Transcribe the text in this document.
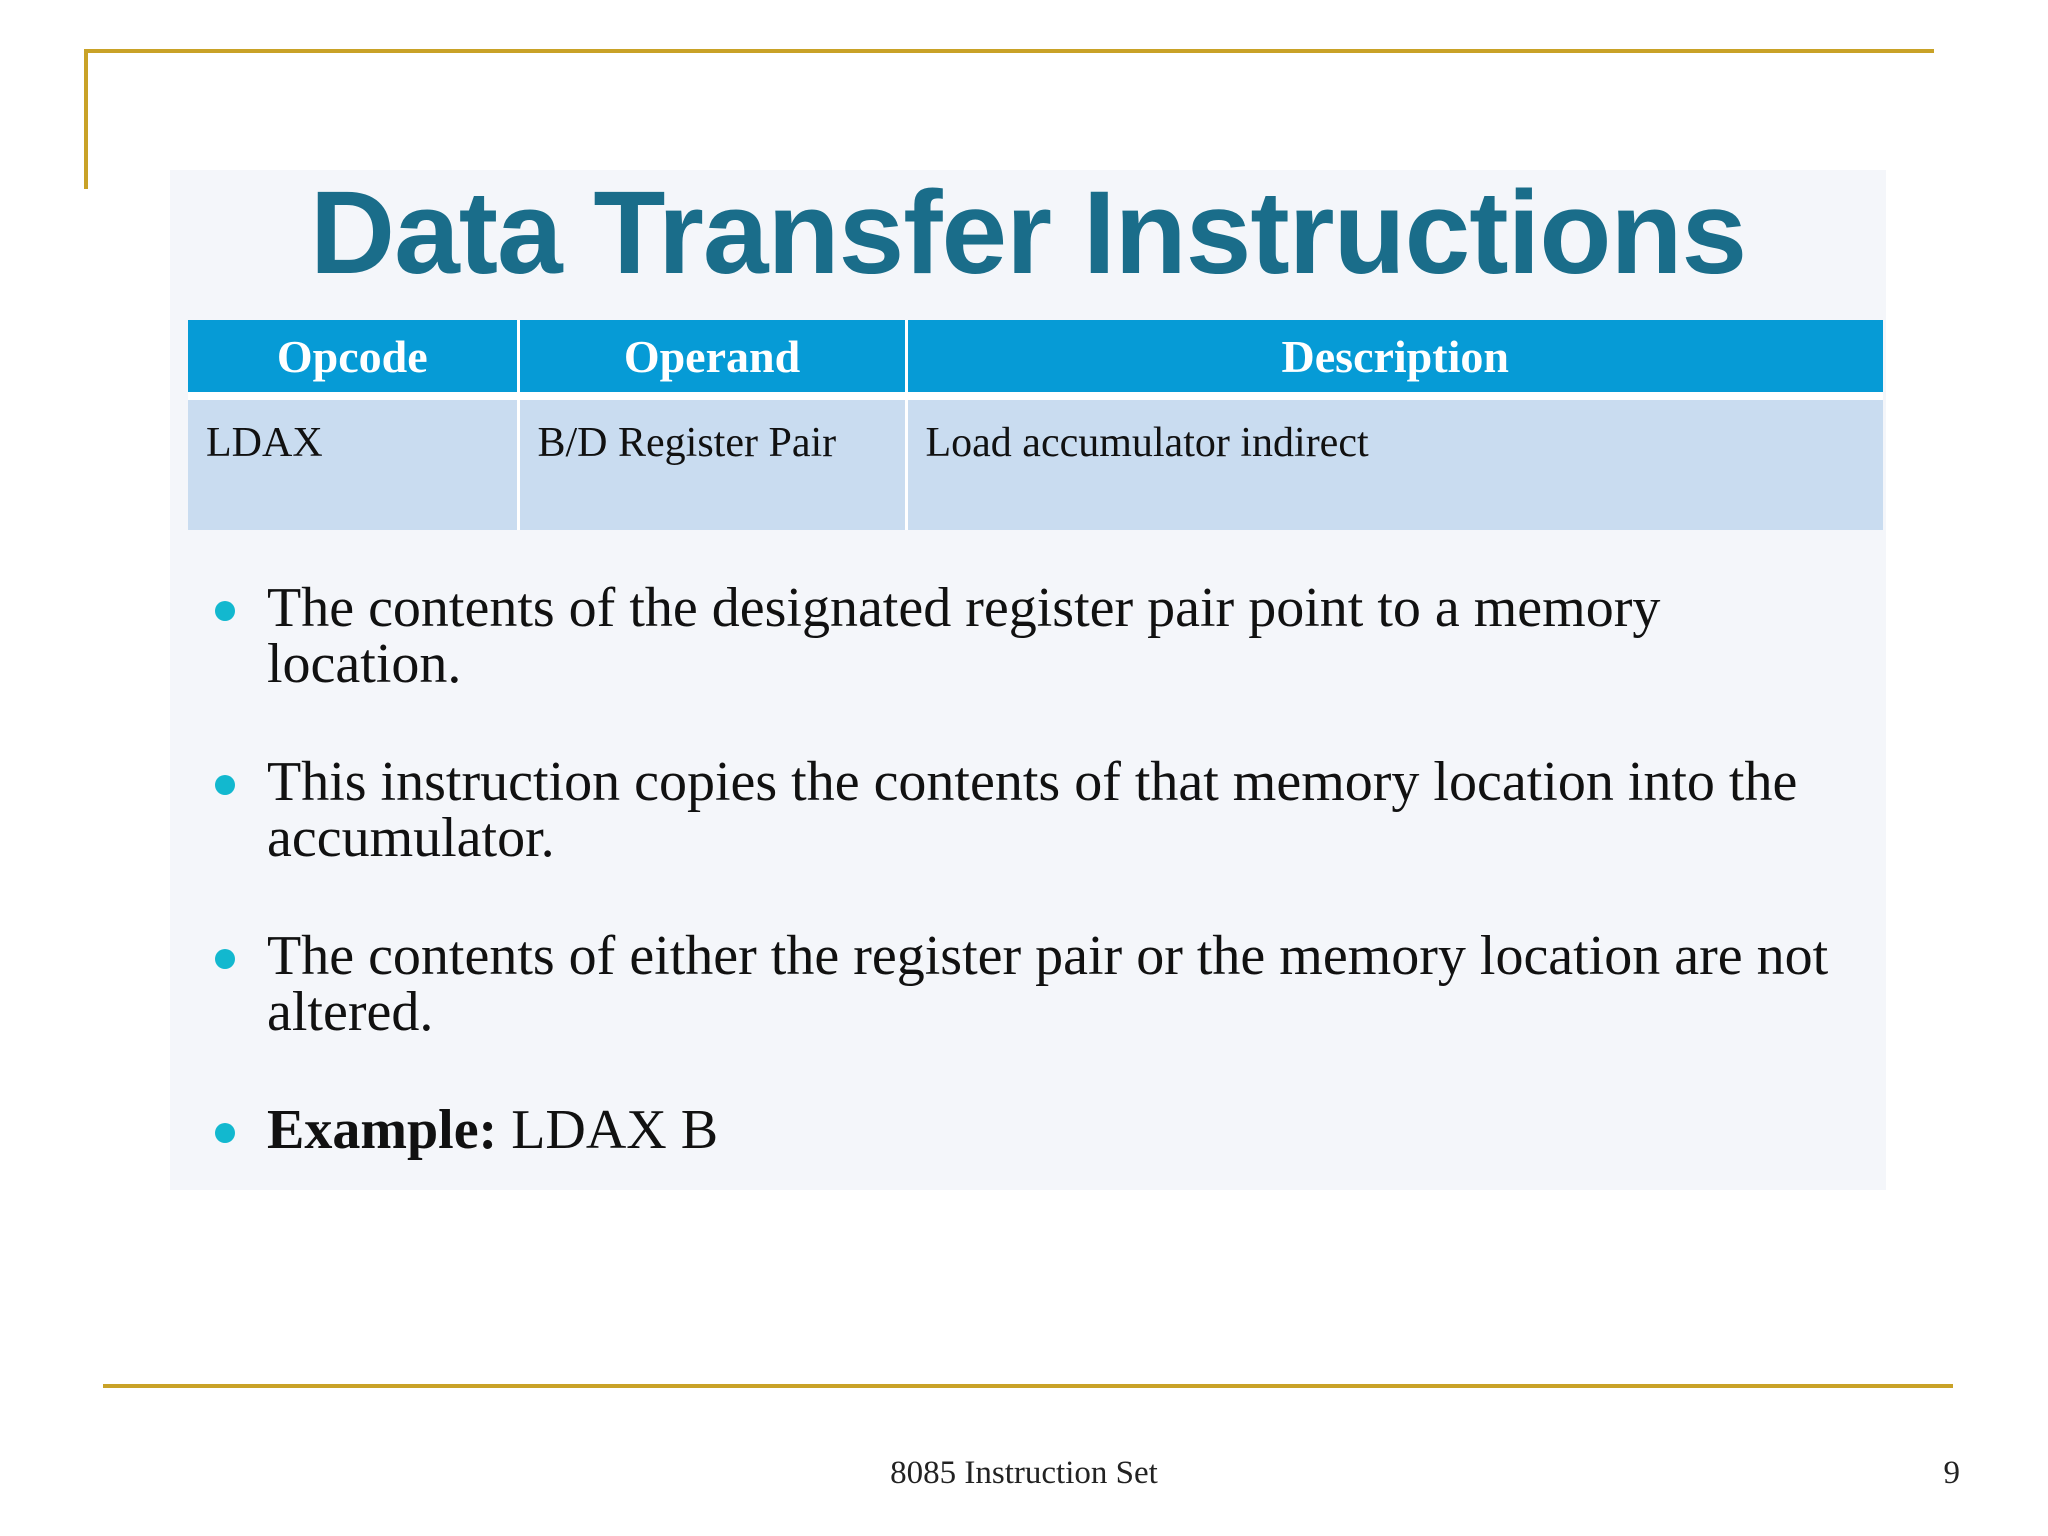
Data Transfer Instructions
Opcode	Operand	Description
LDAX	B/D Register Pair	Load accumulator indirect
The contents of the designated register pair point to a memory location.
This instruction copies the contents of that memory location into the accumulator.
The contents of either the register pair or the memory location are not altered.
Example: LDAX B
8085 Instruction Set	9
